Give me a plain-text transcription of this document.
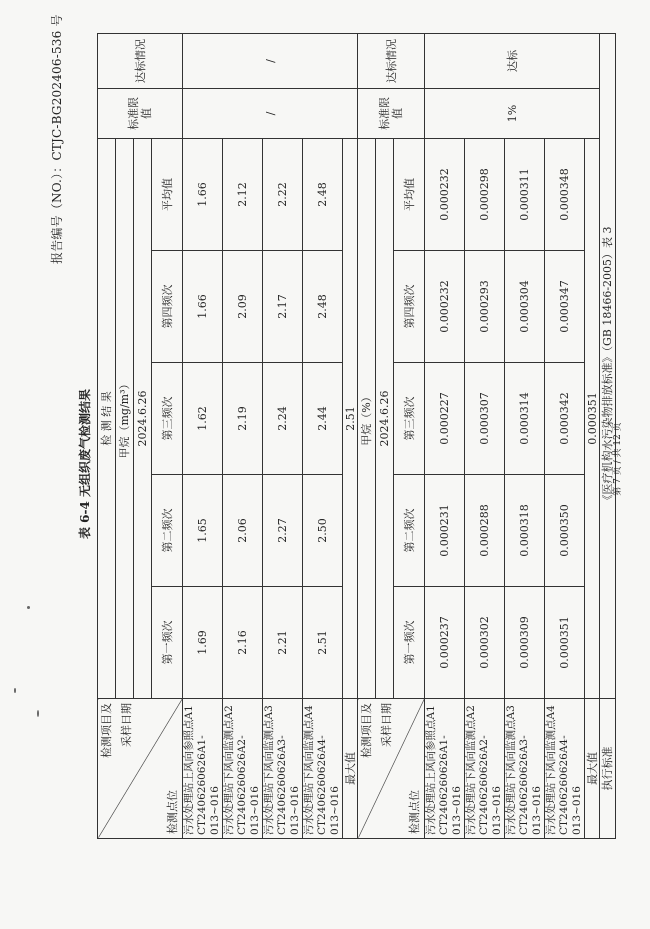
报告编号（NO.）：CTJC-BG202406-536 号
表 6-4 无组织废气检测结果
检测项目及 采样日期
检测点位	检 测 结 果					标准限值	达标情况
	甲烷（mg/m³）						
	2024.6.26						
	第一频次	第二频次	第三频次	第四频次	平均值		

污水处理站上风向参照点A1 CT2406260626A1-013~016	1.69	1.65	1.62	1.66	1.66	/	/

污水处理站下风向监测点A2 CT2406260626A2-013~016	2.16	2.06	2.19	2.09	2.12		

污水处理站下风向监测点A3 CT2406260626A3-013~016	2.21	2.27	2.24	2.17	2.22		

污水处理站下风向监测点A4 CT2406260626A4-013~016	2.51	2.50	2.44	2.48	2.48		
最大值	2.51						

检测项目及 采样日期
检测点位	甲烷（%）					标准限值	达标情况
	2024.6.26						
	第一频次	第二频次	第三频次	第四频次	平均值		

污水处理站上风向参照点A1 CT2406260626A1-013~016	0.000237	0.000231	0.000227	0.000232	0.000232	1%	达标

污水处理站下风向监测点A2 CT2406260626A2-013~016	0.000302	0.000288	0.000307	0.000293	0.000298		

污水处理站下风向监测点A3 CT2406260626A3-013~016	0.000309	0.000318	0.000314	0.000304	0.000311		

污水处理站下风向监测点A4 CT2406260626A4-013~016	0.000351	0.000350	0.000342	0.000347	0.000348		
最大值	0.000351						
执行标准	《医疗机构水污染物排放标准》（GB 18466-2005）表 3						第 7 页 / 共 12 页
